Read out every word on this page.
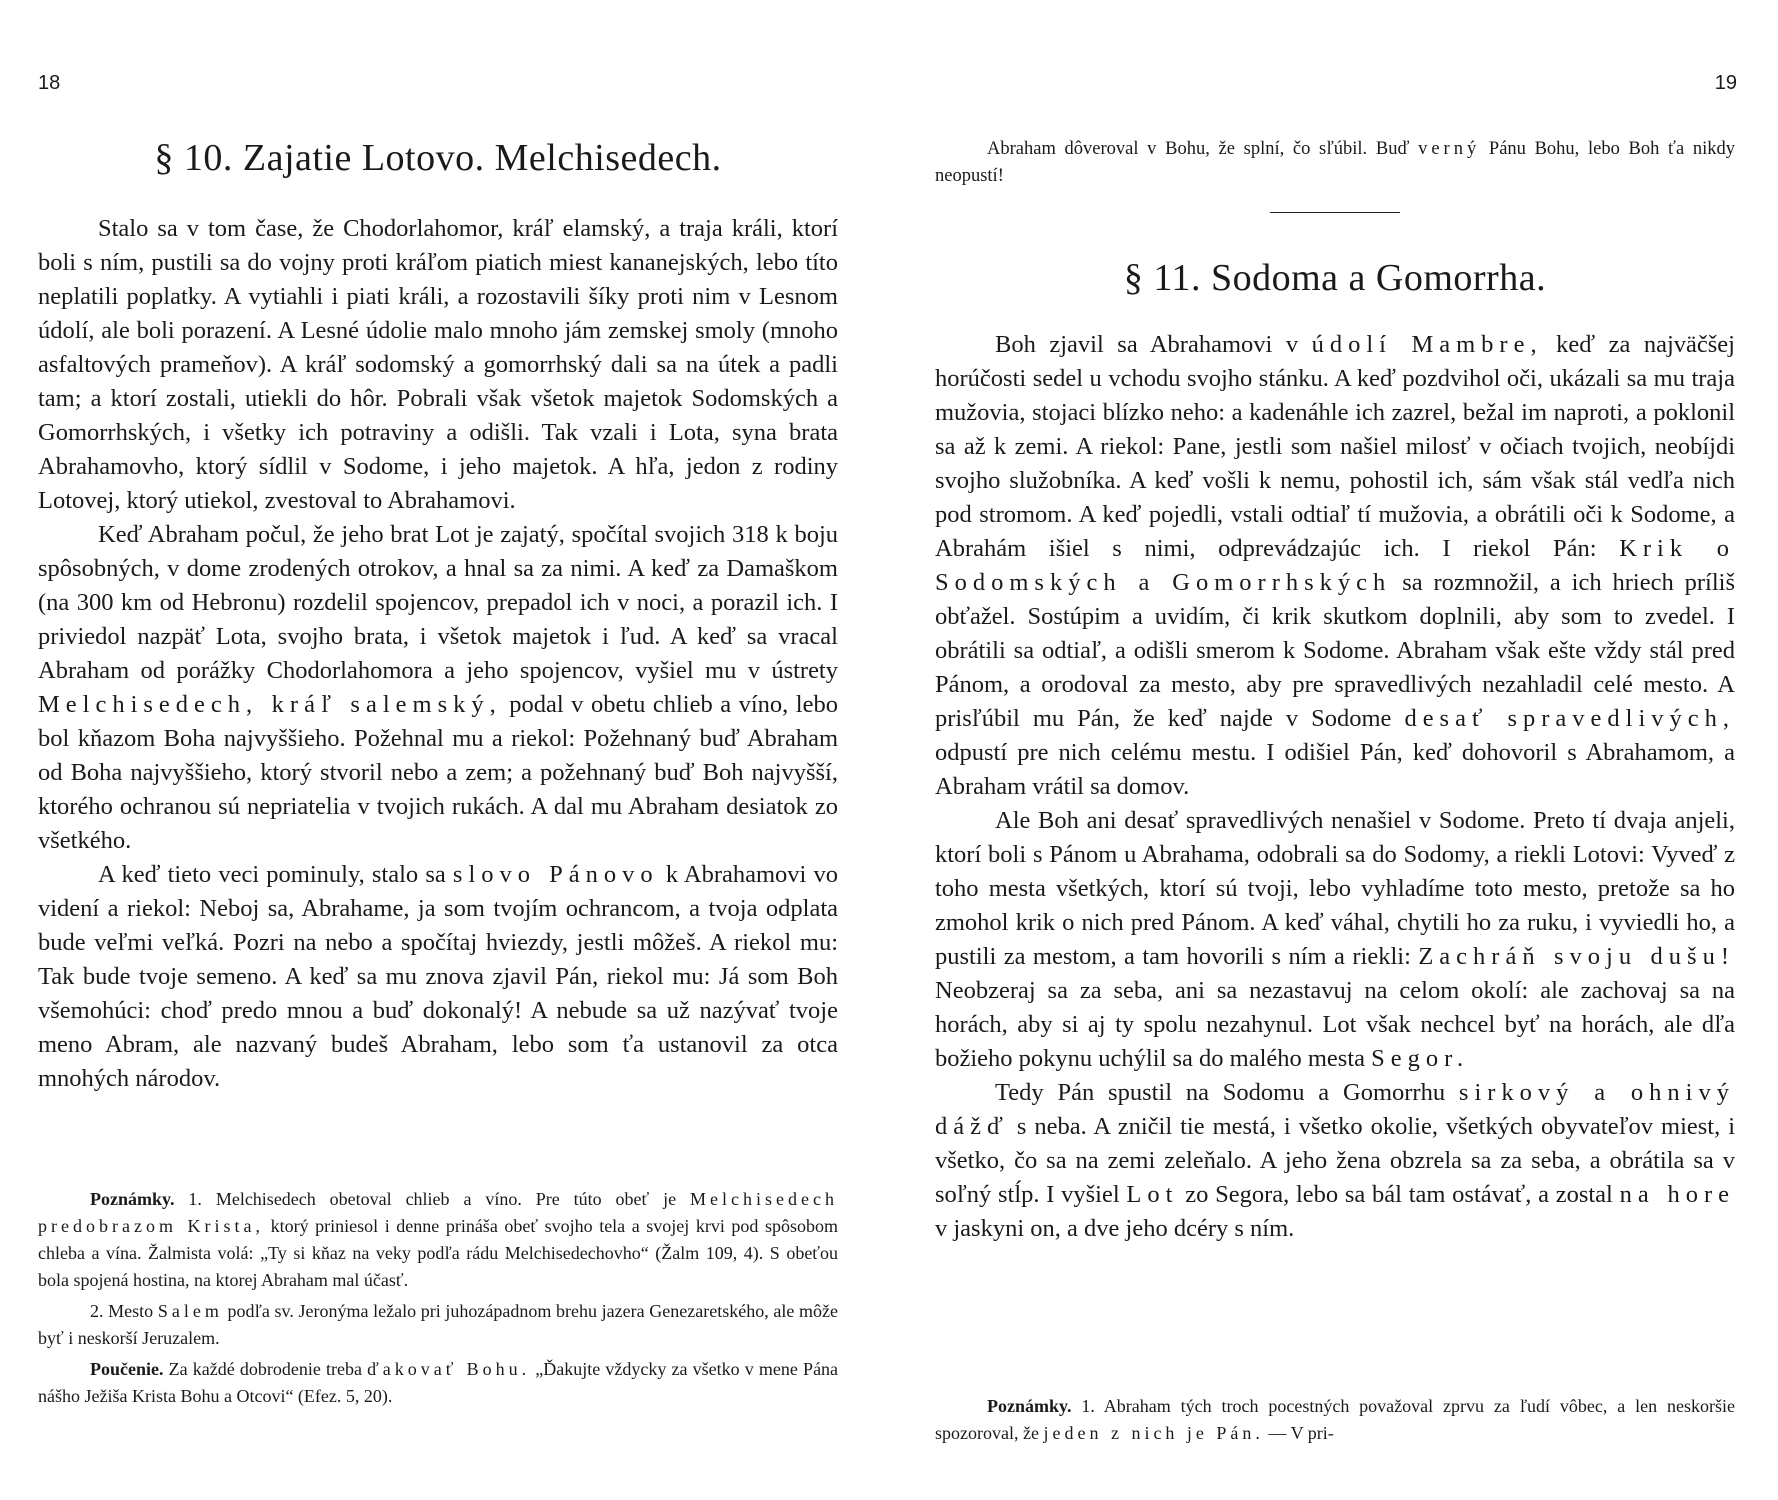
18
§ 10. Zajatie Lotovo. Melchisedech.

Stalo sa v tom čase, že Chodorlahomor, kráľ elamský, a traja králi, ktorí boli s ním, pustili sa do vojny proti kráľom piatich miest kananejských, lebo títo neplatili poplatky. A vytiahli i piati králi, a rozostavili šíky proti nim v Lesnom údolí, ale boli porazení. A Lesné údolie malo mnoho jám zemskej smoly (mnoho asfaltových prameňov). A kráľ sodomský a gomorrhský dali sa na útek a padli tam; a ktorí zostali, utiekli do hôr. Pobrali však všetok majetok Sodomských a Gomorrhských, i všetky ich potraviny a odišli. Tak vzali i Lota, syna brata Abrahamovho, ktorý sídlil v Sodome, i jeho majetok. A hľa, jedon z rodiny Lotovej, ktorý utiekol, zvestoval to Abrahamovi.

Keď Abraham počul, že jeho brat Lot je zajatý, spočítal svojich 318 k boju spôsobných, v dome zrodených otrokov, a hnal sa za nimi. A keď za Damaškom (na 300 km od Hebronu) rozdelil spojencov, prepadol ich v noci, a porazil ich. I priviedol nazpäť Lota, svojho brata, i všetok majetok i ľud. A keď sa vracal Abraham od porážky Chodorlahomora a jeho spojencov, vyšiel mu v ústrety Melchisedech, kráľ salemský, podal v obetu chlieb a víno, lebo bol kňazom Boha najvyššieho. Požehnal mu a riekol: Požehnaný buď Abraham od Boha najvyššieho, ktorý stvoril nebo a zem; a požehnaný buď Boh najvyšší, ktorého ochranou sú nepriatelia v tvojich rukách. A dal mu Abraham desiatok zo všetkého.

A keď tieto veci pominuly, stalo sa slovo Pánovo k Abrahamovi vo videní a riekol: Neboj sa, Abrahame, ja som tvojím ochrancom, a tvoja odplata bude veľmi veľká. Pozri na nebo a spočítaj hviezdy, jestli môžeš. A riekol mu: Tak bude tvoje semeno. A keď sa mu znova zjavil Pán, riekol mu: Já som Boh všemohúci: choď predo mnou a buď dokonalý! A nebude sa už nazývať tvoje meno Abram, ale nazvaný budeš Abraham, lebo som ťa ustanovil za otca mnohých národov.

Poznámky. 1. Melchisedech obetoval chlieb a víno. Pre túto obeť je Melchisedech predobrazom Krista, ktorý priniesol i denne prináša obeť svojho tela a svojej krvi pod spôsobom chleba a vína. Žalmista volá: „Ty si kňaz na veky podľa rádu Melchisedechovho“ (Žalm 109, 4). S obeťou bola spojená hostina, na ktorej Abraham mal účasť.

2. Mesto Salem podľa sv. Jeronýma ležalo pri juhozápadnom brehu jazera Genezaretského, ale môže byť i neskorší Jeruzalem.

Poučenie. Za každé dobrodenie treba ďakovať Bohu. „Ďakujte vždycky za všetko v mene Pána nášho Ježiša Krista Bohu a Otcovi“ (Efez. 5, 20).

19

Abraham dôveroval v Bohu, že splní, čo sľúbil. Buď verný Pánu Bohu, lebo Boh ťa nikdy neopustí!

§ 11. Sodoma a Gomorrha.

Boh zjavil sa Abrahamovi v údolí Mambre, keď za najväčšej horúčosti sedel u vchodu svojho stánku. A keď pozdvihol oči, ukázali sa mu traja mužovia, stojaci blízko neho: a kadenáhle ich zazrel, bežal im naproti, a poklonil sa až k zemi. A riekol: Pane, jestli som našiel milosť v očiach tvojich, neobíjdi svojho služobníka. A keď vošli k nemu, pohostil ich, sám však stál vedľa nich pod stromom. A keď pojedli, vstali odtiaľ tí mužovia, a obrátili oči k Sodome, a Abrahám išiel s nimi, odprevádzajúc ich. I riekol Pán: Krik o Sodomských a Gomorrhských sa rozmnožil, a ich hriech príliš obťažel. Sostúpim a uvidím, či krik skutkom doplnili, aby som to zvedel. I obrátili sa odtiaľ, a odišli smerom k Sodome. Abraham však ešte vždy stál pred Pánom, a orodoval za mesto, aby pre spravedlivých nezahladil celé mesto. A prisľúbil mu Pán, že keď najde v Sodome desať spravedlivých, odpustí pre nich celému mestu. I odišiel Pán, keď dohovoril s Abrahamom, a Abraham vrátil sa domov.

Ale Boh ani desať spravedlivých nenašiel v Sodome. Preto tí dvaja anjeli, ktorí boli s Pánom u Abrahama, odobrali sa do Sodomy, a riekli Lotovi: Vyveď z toho mesta všetkých, ktorí sú tvoji, lebo vyhladíme toto mesto, pretože sa ho zmohol krik o nich pred Pánom. A keď váhal, chytili ho za ruku, i vyviedli ho, a pustili za mestom, a tam hovorili s ním a riekli: Zachráň svoju dušu! Neobzeraj sa za seba, ani sa nezastavuj na celom okolí: ale zachovaj sa na horách, aby si aj ty spolu nezahynul. Lot však nechcel byť na horách, ale dľa božieho pokynu uchýlil sa do malého mesta Segor.

Tedy Pán spustil na Sodomu a Gomorrhu sirkový a ohnivý dážď s neba. A zničil tie mestá, i všetko okolie, všetkých obyvateľov miest, i všetko, čo sa na zemi zeleňalo. A jeho žena obzrela sa za seba, a obrátila sa v soľný stĺp. I vyšiel Lot zo Segora, lebo sa bál tam ostávať, a zostal na hore v jaskyni on, a dve jeho dcéry s ním.

Poznámky. 1. Abraham tých troch pocestných považoval zprvu za ľudí vôbec, a len neskoršie spozoroval, že jeden z nich je Pán. — V pri-
